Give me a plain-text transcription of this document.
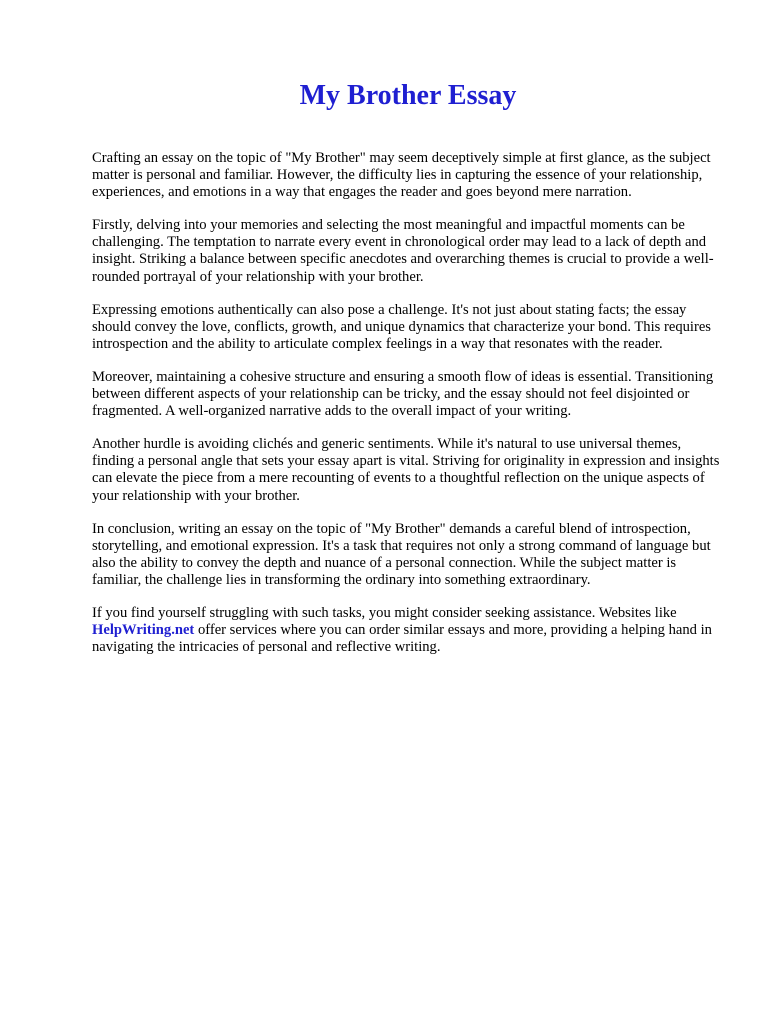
My Brother Essay

Crafting an essay on the topic of "My Brother" may seem deceptively simple at first glance, as the subject matter is personal and familiar. However, the difficulty lies in capturing the essence of your relationship, experiences, and emotions in a way that engages the reader and goes beyond mere narration.

Firstly, delving into your memories and selecting the most meaningful and impactful moments can be challenging. The temptation to narrate every event in chronological order may lead to a lack of depth and insight. Striking a balance between specific anecdotes and overarching themes is crucial to provide a well-rounded portrayal of your relationship with your brother.

Expressing emotions authentically can also pose a challenge. It's not just about stating facts; the essay should convey the love, conflicts, growth, and unique dynamics that characterize your bond. This requires introspection and the ability to articulate complex feelings in a way that resonates with the reader.

Moreover, maintaining a cohesive structure and ensuring a smooth flow of ideas is essential. Transitioning between different aspects of your relationship can be tricky, and the essay should not feel disjointed or fragmented. A well-organized narrative adds to the overall impact of your writing.

Another hurdle is avoiding clichés and generic sentiments. While it's natural to use universal themes, finding a personal angle that sets your essay apart is vital. Striving for originality in expression and insights can elevate the piece from a mere recounting of events to a thoughtful reflection on the unique aspects of your relationship with your brother.

In conclusion, writing an essay on the topic of "My Brother" demands a careful blend of introspection, storytelling, and emotional expression. It's a task that requires not only a strong command of language but also the ability to convey the depth and nuance of a personal connection. While the subject matter is familiar, the challenge lies in transforming the ordinary into something extraordinary.

If you find yourself struggling with such tasks, you might consider seeking assistance. Websites like HelpWriting.net offer services where you can order similar essays and more, providing a helping hand in navigating the intricacies of personal and reflective writing.
